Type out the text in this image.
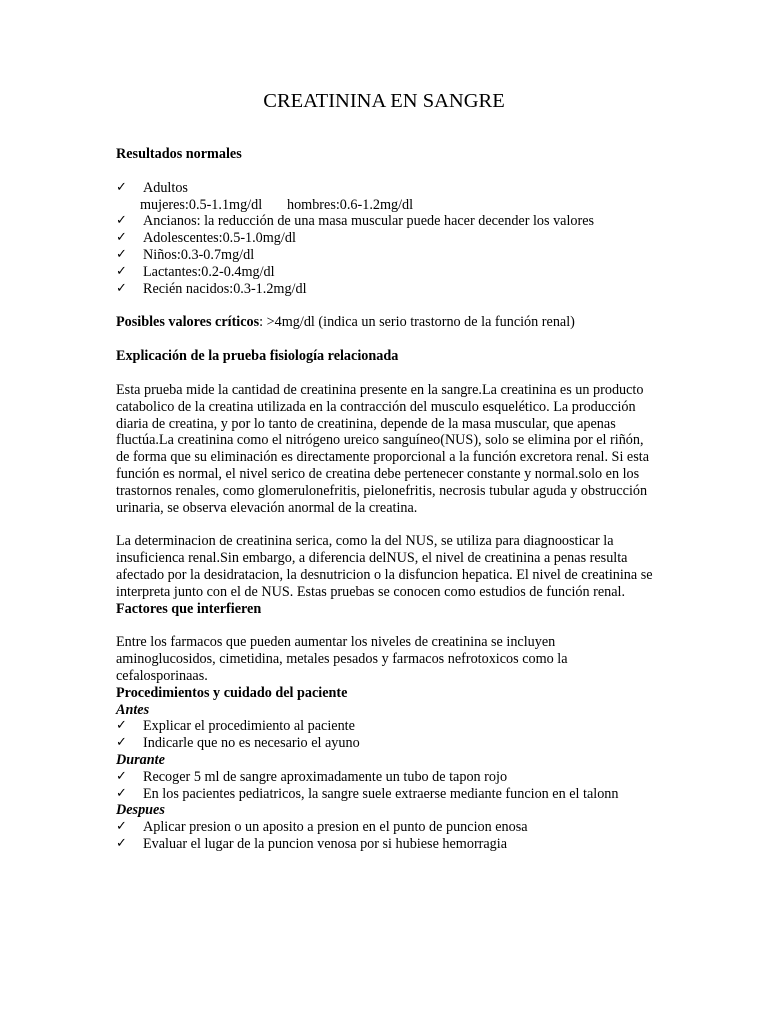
CREATININA EN SANGRE

Resultados normales

✓ Adultos
mujeres:0.5-1.1mg/dl       hombres:0.6-1.2mg/dl
✓ Ancianos: la reducción de una masa muscular puede hacer decender los valores
✓ Adolescentes:0.5-1.0mg/dl
✓ Niños:0.3-0.7mg/dl
✓ Lactantes:0.2-0.4mg/dl
✓ Recién nacidos:0.3-1.2mg/dl

Posibles valores críticos: >4mg/dl (indica un serio trastorno de la función renal)

Explicación de la prueba fisiología relacionada

Esta prueba mide la cantidad de creatinina presente en la sangre.La creatinina es un producto catabolico de la creatina utilizada en la contracción del musculo esquelético. La producción diaria de creatina, y por lo tanto de creatinina, depende de la masa muscular, que apenas fluctúa.La creatinina como el nitrógeno ureico sanguíneo(NUS), solo se elimina por el riñón, de forma que su eliminación es directamente proporcional a la función excretora renal. Si esta función es normal, el nivel serico de creatina debe pertenecer constante y normal.solo en los trastornos renales, como glomerulonefritis, pielonefritis, necrosis tubular aguda y obstrucción urinaria, se observa elevación anormal de la creatina.

La determinacion de creatinina serica, como la del NUS, se utiliza para diagnoosticar la insuficienca renal.Sin embargo, a diferencia delNUS, el nivel de creatinina a penas resulta afectado por la desidratacion, la desnutricion o la disfuncion hepatica. El nivel de creatinina se interpreta junto con el de NUS. Estas pruebas se conocen como estudios de función renal.

Factores que interfieren

Entre los farmacos que pueden aumentar los niveles de creatinina se incluyen aminoglucosidos, cimetidina, metales pesados y farmacos nefrotoxicos como la cefalosporinaas.

Procedimientos y cuidado del paciente

Antes

✓ Explicar el procedimiento al paciente
✓ Indicarle que no es necesario el ayuno

Durante

✓ Recoger 5 ml de sangre aproximadamente un tubo de tapon rojo
✓ En los pacientes pediatricos, la sangre suele extraerse mediante funcion en el talonn

Despues

✓ Aplicar presion o un aposito a presion en el punto de puncion enosa
✓ Evaluar el lugar de la puncion venosa por si hubiese hemorragia
